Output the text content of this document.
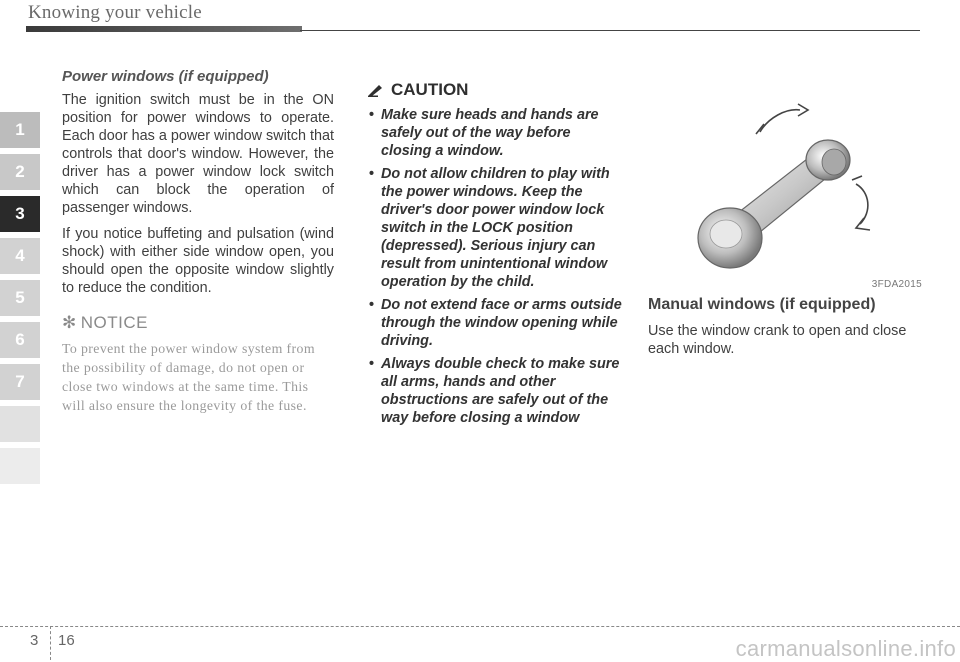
Knowing your vehicle
1
2
3
4
5
6
7
Power windows (if equipped)

The ignition switch must be in the ON position for power windows to operate. Each door has a power window switch that controls that door's window. However, the driver has a power window lock switch which can block the operation of passenger windows.

If you notice buffeting and pulsation (wind shock) with either side window open, you should open the opposite window slightly to reduce the condition.

✻ NOTICE
To prevent the power window system from the possibility of damage, do not open or close two windows at the same time. This will also ensure the longevity of the fuse.
CAUTION
• Make sure heads and hands are safely out of the way before closing a window.
• Do not allow children to play with the power windows. Keep the driver's door power window lock switch in the LOCK position (depressed). Serious injury can result from unintentional window operation by the child.
• Do not extend face or arms outside through the window opening while driving.
• Always double check to make sure all arms, hands and other obstructions are safely out of the way before closing a window
3FDA2015
Manual windows (if equipped)

Use the window crank to open and close each window.

3 16	carmanualsonline.info
